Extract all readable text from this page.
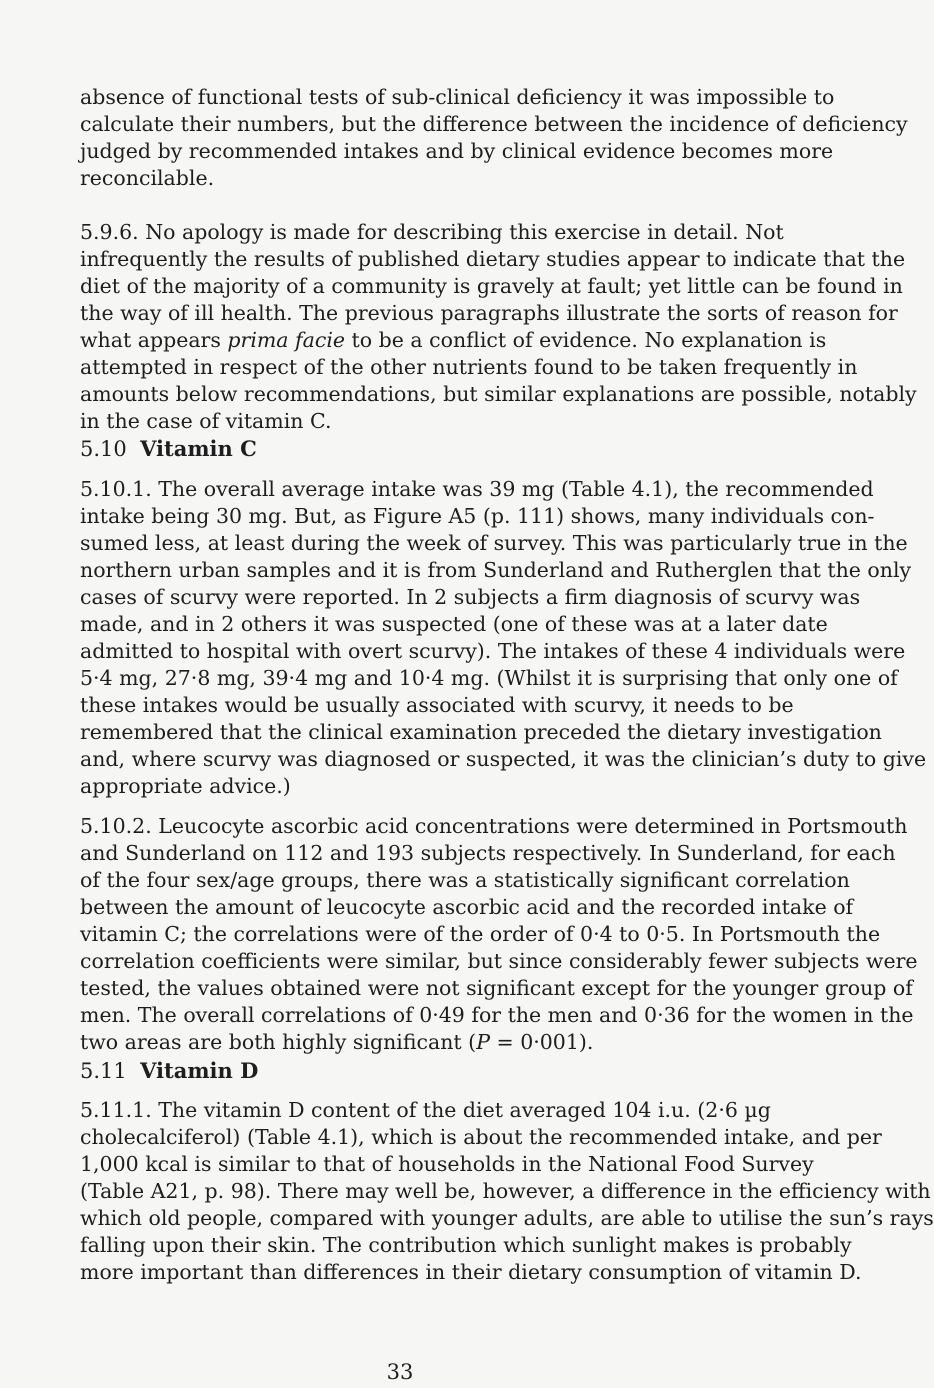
absence of functional tests of sub-clinical deficiency it was impossible to
calculate their numbers, but the difference between the incidence of deficiency
judged by recommended intakes and by clinical evidence becomes more
reconcilable.
5.9.6. No apology is made for describing this exercise in detail. Not
infrequently the results of published dietary studies appear to indicate that the
diet of the majority of a community is gravely at fault; yet little can be found in
the way of ill health. The previous paragraphs illustrate the sorts of reason for
what appears prima facie to be a conflict of evidence. No explanation is
attempted in respect of the other nutrients found to be taken frequently in
amounts below recommendations, but similar explanations are possible, notably
in the case of vitamin C.
5.10 Vitamin C
5.10.1. The overall average intake was 39 mg (Table 4.1), the recommended
intake being 30 mg. But, as Figure A5 (p. 111) shows, many individuals con-
sumed less, at least during the week of survey. This was particularly true in the
northern urban samples and it is from Sunderland and Rutherglen that the only
cases of scurvy were reported. In 2 subjects a firm diagnosis of scurvy was
made, and in 2 others it was suspected (one of these was at a later date
admitted to hospital with overt scurvy). The intakes of these 4 individuals were
5·4 mg, 27·8 mg, 39·4 mg and 10·4 mg. (Whilst it is surprising that only one of
these intakes would be usually associated with scurvy, it needs to be
remembered that the clinical examination preceded the dietary investigation
and, where scurvy was diagnosed or suspected, it was the clinician’s duty to give
appropriate advice.)
5.10.2. Leucocyte ascorbic acid concentrations were determined in Portsmouth
and Sunderland on 112 and 193 subjects respectively. In Sunderland, for each
of the four sex/age groups, there was a statistically significant correlation
between the amount of leucocyte ascorbic acid and the recorded intake of
vitamin C; the correlations were of the order of 0·4 to 0·5. In Portsmouth the
correlation coefficients were similar, but since considerably fewer subjects were
tested, the values obtained were not significant except for the younger group of
men. The overall correlations of 0·49 for the men and 0·36 for the women in the
two areas are both highly significant (P = 0·001).
5.11 Vitamin D
5.11.1. The vitamin D content of the diet averaged 104 i.u. (2·6 µg
cholecalciferol) (Table 4.1), which is about the recommended intake, and per
1,000 kcal is similar to that of households in the National Food Survey
(Table A21, p. 98). There may well be, however, a difference in the efficiency with
which old people, compared with younger adults, are able to utilise the sun’s rays
falling upon their skin. The contribution which sunlight makes is probably
more important than differences in their dietary consumption of vitamin D.
33
